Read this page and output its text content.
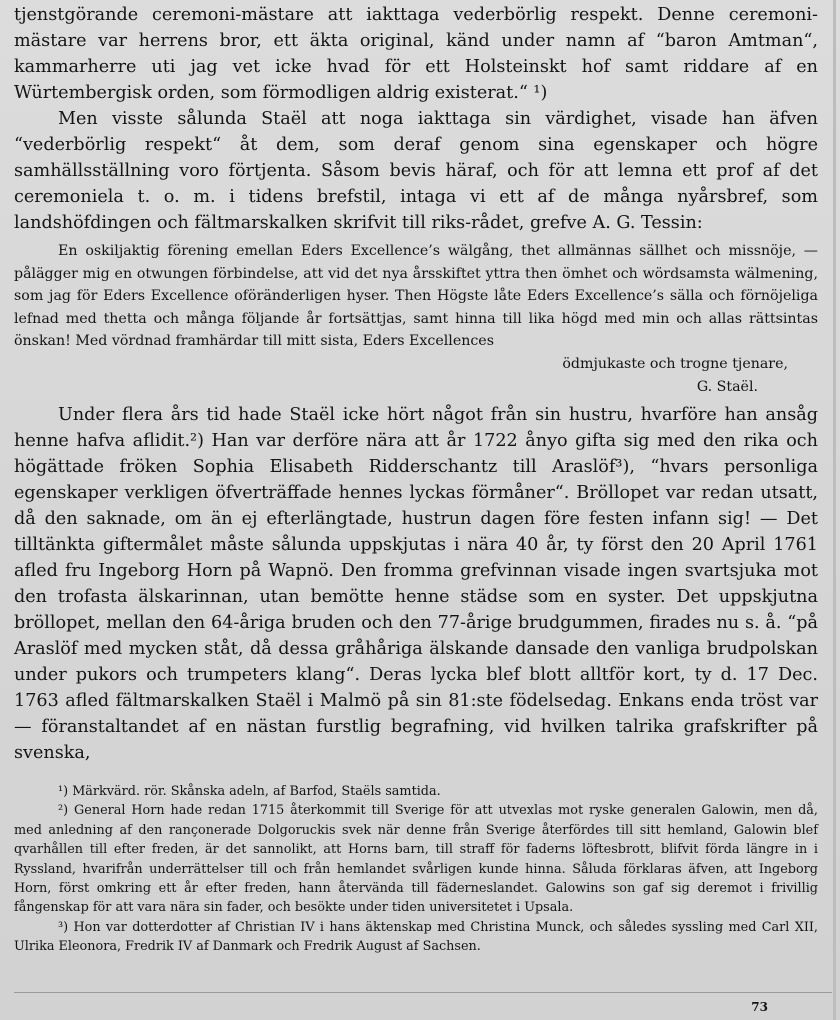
tjenstgörande ceremoni-mästare att iakttaga vederbörlig respekt. Denne ceremoni-mästare var herrens bror, ett äkta original, känd under namn af “baron Amtman“, kammarherre uti jag vet icke hvad för ett Holsteinskt hof samt riddare af en Würtembergisk orden, som förmodligen aldrig existerat.“ ¹)

Men visste sålunda Staël att noga iakttaga sin värdighet, visade han äfven “vederbörlig respekt“ åt dem, som deraf genom sina egenskaper och högre samhällsställning voro förtjenta. Såsom bevis häraf, och för att lemna ett prof af det ceremoniela t. o. m. i tidens brefstil, intaga vi ett af de många nyårsbref, som landshöfdingen och fältmarskalken skrifvit till riks-rådet, grefve A. G. Tessin:

En oskiljaktig förening emellan Eders Excellence’s wälgång, thet allmännas sällhet och missnöje, — pålägger mig en otwungen förbindelse, att vid det nya årsskiftet yttra then ömhet och wördsamsta wälmening, som jag för Eders Excellence oföränderligen hyser. Then Högste låte Eders Excellence’s sälla och förnöjeliga lefnad med thetta och många följande år fortsättjas, samt hinna till lika högd med min och allas rättsintas önskan! Med vördnad framhärdar till mitt sista, Eders Excellences

ödmjukaste och trogne tjenare,
G. Staël.

Under flera års tid hade Staël icke hört något från sin hustru, hvarföre han ansåg henne hafva aflidit.²) Han var derföre nära att år 1722 ånyo gifta sig med den rika och högättade fröken Sophia Elisabeth Ridderschantz till Araslöf³), “hvars personliga egenskaper verkligen öfverträffade hennes lyckas förmåner“. Bröllopet var redan utsatt, då den saknade, om än ej efterlängtade, hustrun dagen före festen infann sig! — Det tilltänkta giftermålet måste sålunda uppskjutas i nära 40 år, ty först den 20 April 1761 afled fru Ingeborg Horn på Wapnö. Den fromma grefvinnan visade ingen svartsjuka mot den trofasta älskarinnan, utan bemötte henne städse som en syster. Det uppskjutna bröllopet, mellan den 64-åriga bruden och den 77-årige brudgummen, firades nu s. å. “på Araslöf med mycken ståt, då dessa gråhåriga älskande dansade den vanliga brudpolskan under pukors och trumpeters klang“. Deras lycka blef blott alltför kort, ty d. 17 Dec. 1763 afled fältmarskalken Staël i Malmö på sin 81:ste födelsedag. Enkans enda tröst var — föranstaltandet af en nästan furstlig begrafning, vid hvilken talrika grafskrifter på svenska,

¹) Märkvärd. rör. Skånska adeln, af Barfod, Staëls samtida.

²) General Horn hade redan 1715 återkommit till Sverige för att utvexlas mot ryske generalen Galowin, men då, med anledning af den rançonerade Dolgoruckis svek när denne från Sverige återfördes till sitt hemland, Galowin blef qvarhållen till efter freden, är det sannolikt, att Horns barn, till straff för faderns löftesbrott, blifvit förda längre in i Ryssland, hvarifrån underrättelser till och från hemlandet svårligen kunde hinna. Såluda förklaras äfven, att Ingeborg Horn, först omkring ett år efter freden, hann återvända till fäderneslandet. Galowins son gaf sig deremot i frivillig fångenskap för att vara nära sin fader, och besökte under tiden universitetet i Upsala.

³) Hon var dotterdotter af Christian IV i hans äktenskap med Christina Munck, och således syssling med Carl XII, Ulrika Eleonora, Fredrik IV af Danmark och Fredrik August af Sachsen.

73
